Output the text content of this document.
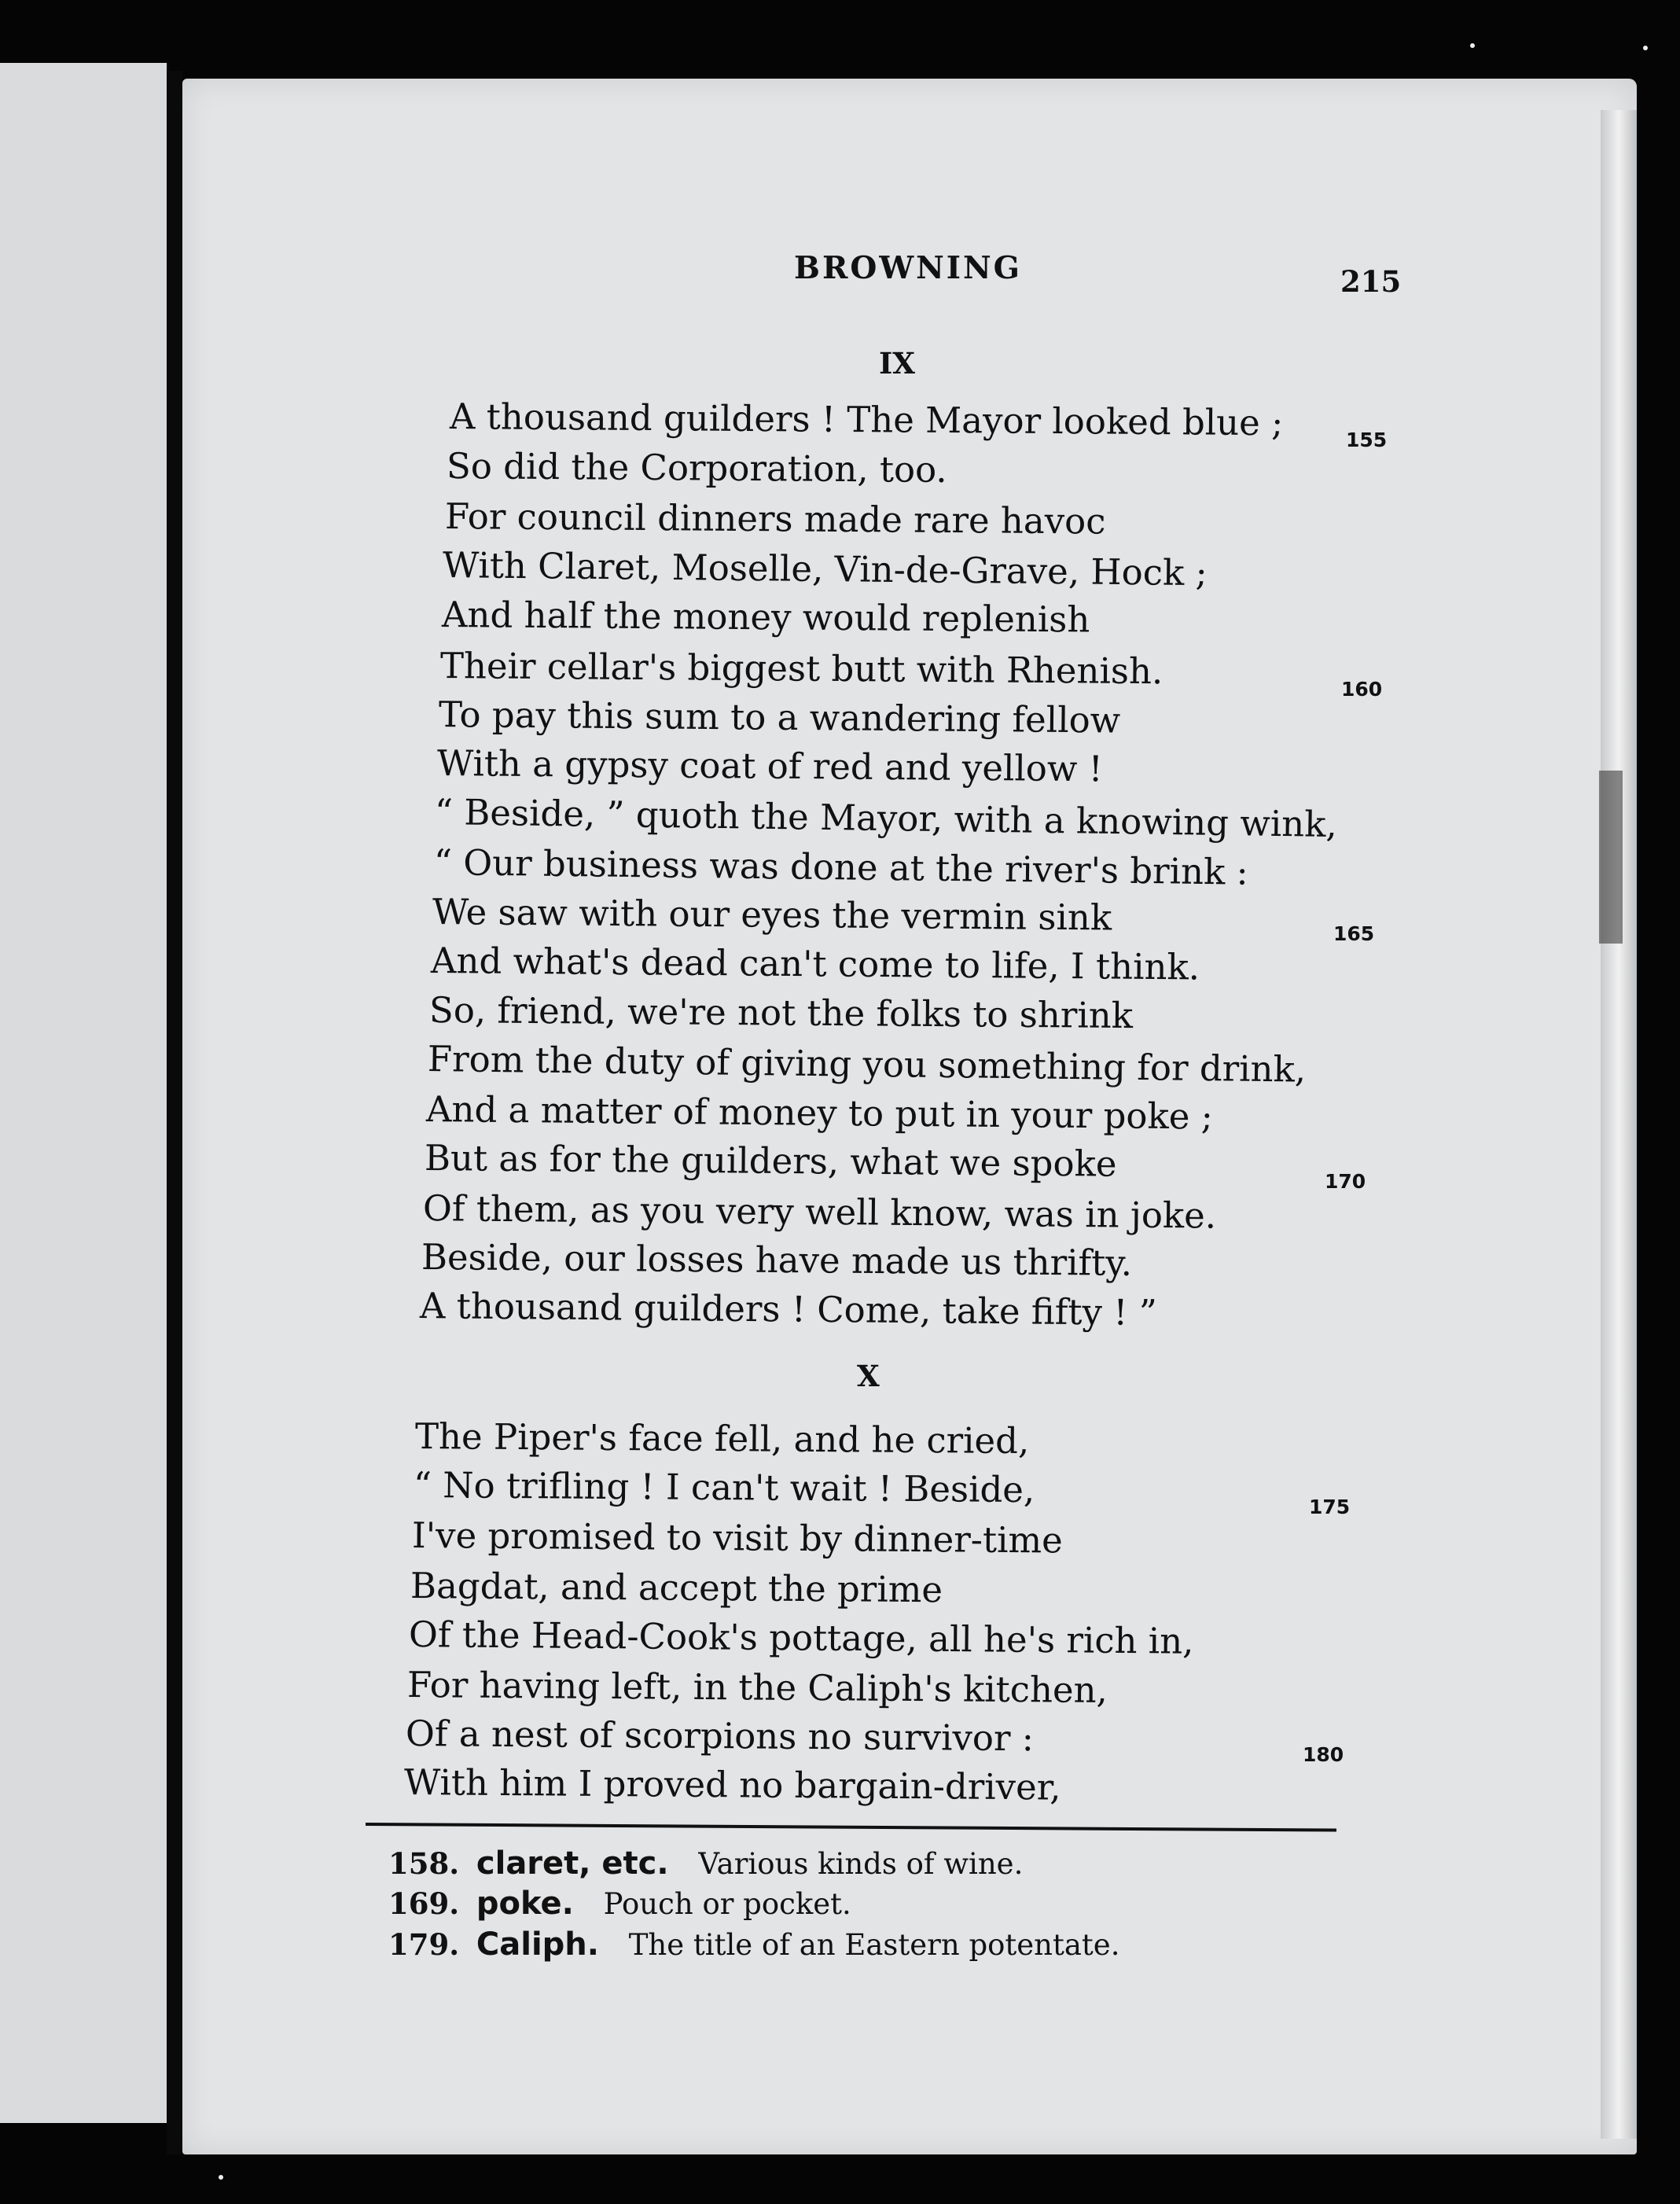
BROWNING	215
IX
A thousand guilders ! The Mayor looked blue ;
So did the Corporation, too.
For council dinners made rare havoc
With Claret, Moselle, Vin-de-Grave, Hock ;
And half the money would replenish
Their cellar's biggest butt with Rhenish.
To pay this sum to a wandering fellow
With a gypsy coat of red and yellow !
“ Beside, ” quoth the Mayor, with a knowing wink,
“ Our business was done at the river's brink :
We saw with our eyes the vermin sink
And what's dead can't come to life, I think.
So, friend, we're not the folks to shrink
From the duty of giving you something for drink,
And a matter of money to put in your poke ;
But as for the guilders, what we spoke
Of them, as you very well know, was in joke.
Beside, our losses have made us thrifty.
A thousand guilders ! Come, take fifty ! ”
X
The Piper's face fell, and he cried,
“ No trifling ! I can't wait ! Beside,
I've promised to visit by dinner-time
Bagdat, and accept the prime
Of the Head-Cook's pottage, all he's rich in,
For having left, in the Caliph's kitchen,
Of a nest of scorpions no survivor :
With him I proved no bargain-driver,
155
160
165
170
175
180
158. claret, etc. Various kinds of wine.
169. poke. Pouch or pocket.
179. Caliph. The title of an Eastern potentate.
